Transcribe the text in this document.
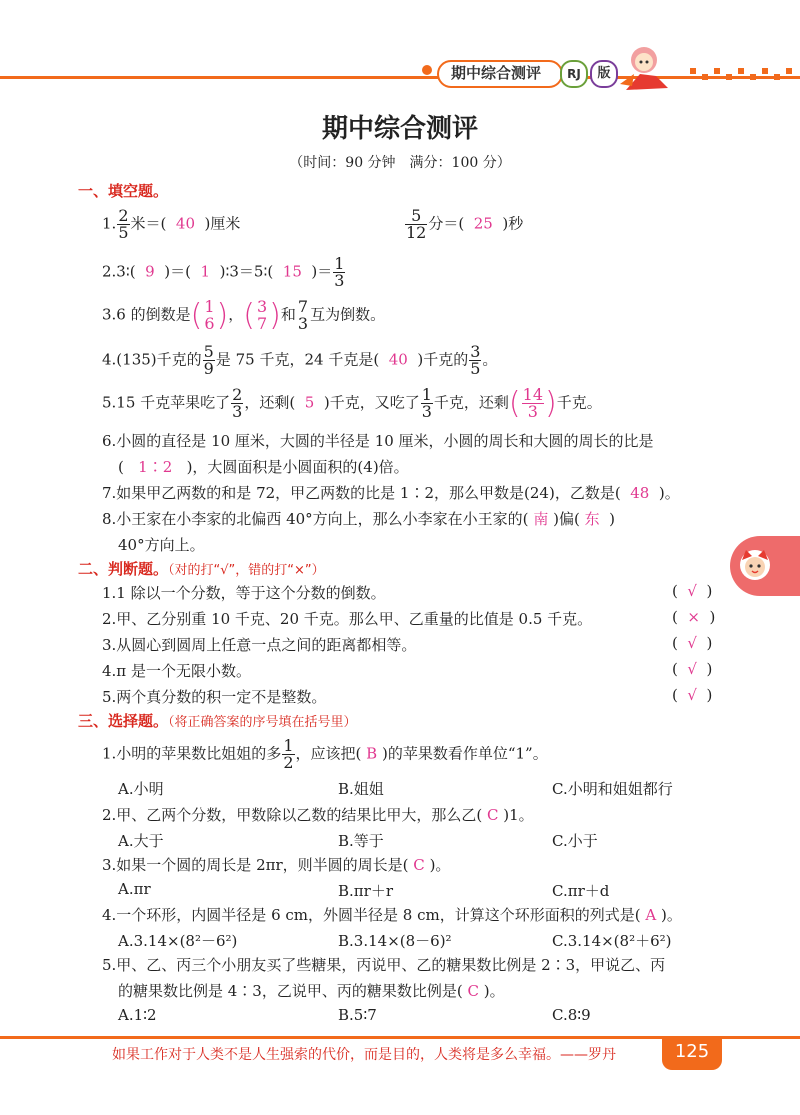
期中综合测评	RJ	版
期中综合测评
（时间：90 分钟　满分：100 分）
一、填空题。
1. $\frac{2}{5}$ 米＝( 40 )厘米	$\frac{5}{12}$ 分＝( 25 )秒
2.3∶( 9 )＝( 1 )∶3＝5∶( 15 )＝ $\frac{1}{3}$
3.6 的倒数是( 1
6 )，( 3
7 )和 7
3 互为倒数。
4.(135)千克的 $\frac{5}{9}$ 是 75 千克，24 千克是( 40 )千克的 $\frac{3}{5}$ 。
5.15 千克苹果吃了 $\frac{2}{3}$ ，还剩( 5 )千克，又吃了 $\frac{1}{3}$ 千克，还剩( $\frac{14}{3}$ )千克。
6.小圆的直径是 10 厘米，大圆的半径是 10 厘米，小圆的周长和大圆的周长的比是
( 1∶2 )，大圆面积是小圆面积的(4)倍。
7.如果甲乙两数的和是 72，甲乙两数的比是 1∶2，那么甲数是(24)，乙数是( 48 )。
8.小王家在小李家的北偏西 40°方向上，那么小李家在小王家的( 南 )偏( 东 )
40°方向上。
二、判断题。（对的打“√”，错的打“×”）
1.1 除以一个分数，等于这个分数的倒数。	(  √  )
2.甲、乙分别重 10 千克、20 千克。那么甲、乙重量的比值是 0.5 千克。	(  ×  )
3.从圆心到圆周上任意一点之间的距离都相等。	(  √  )
4.π 是一个无限小数。	(  √  )
5.两个真分数的积一定不是整数。	(  √  )
三、选择题。（将正确答案的序号填在括号里）
1.小明的苹果数比姐姐的多 $\frac{1}{2}$ ，应该把( B )的苹果数看作单位“1”。
A.小明	B.姐姐	C.小明和姐姐都行
2.甲、乙两个分数，甲数除以乙数的结果比甲大，那么乙( C )1。
A.大于	B.等于	C.小于
3.如果一个圆的周长是 2πr，则半圆的周长是( C )。
A.πr	B.πr＋r	C.πr＋d
4.一个环形，内圆半径是 6 cm，外圆半径是 8 cm，计算这个环形面积的列式是( A )。
A.3.14×(8²－6²)	B.3.14×(8－6)²	C.3.14×(8²＋6²)
5.甲、乙、丙三个小朋友买了些糖果，丙说甲、乙的糖果数比例是 2∶3，甲说乙、丙
的糖果数比例是 4∶3，乙说甲、丙的糖果数比例是( C )。
A.1∶2	B.5∶7	C.8∶9
如果工作对于人类不是人生强索的代价，而是目的，人类将是多么幸福。——罗丹	125
